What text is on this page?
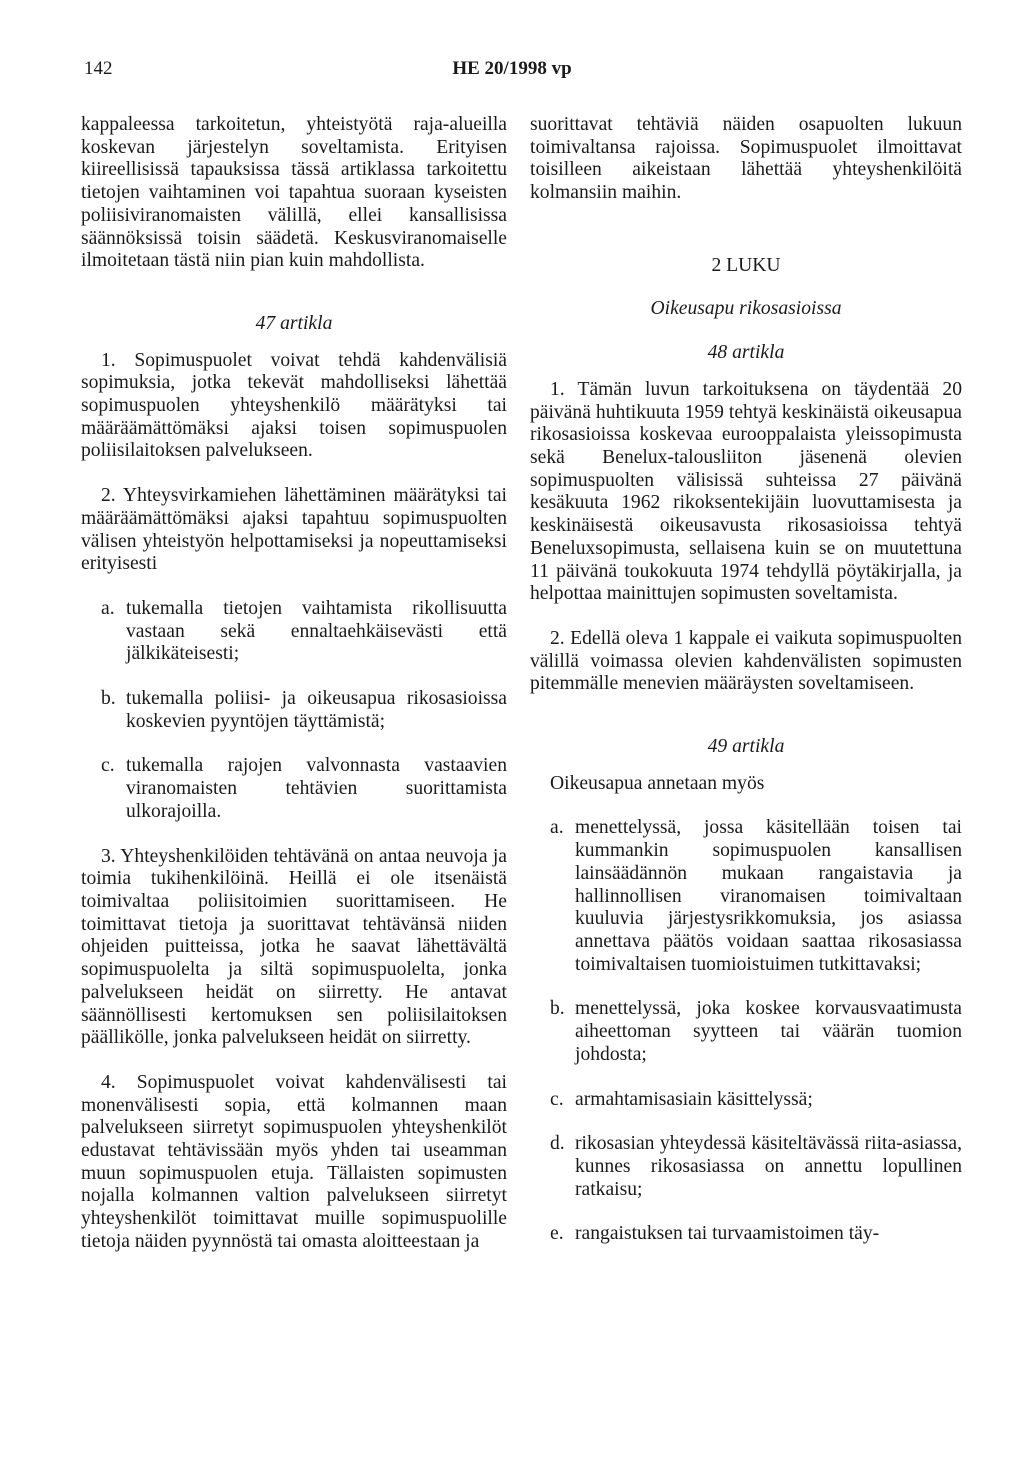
142	HE 20/1998 vp

kappaleessa tarkoitetun, yhteistyötä raja-alueilla koskevan järjestelyn soveltamista. Erityisen kiireellisissä tapauksissa tässä artiklassa tarkoitettu tietojen vaihtaminen voi tapahtua suoraan kyseisten poliisiviranomaisten välillä, ellei kansallisissa säännöksissä toisin säädetä. Keskusviranomaiselle ilmoitetaan tästä niin pian kuin mahdollista.

47 artikla

1. Sopimuspuolet voivat tehdä kahdenvälisiä sopimuksia, jotka tekevät mahdolliseksi lähettää sopimuspuolen yhteyshenkilö määrätyksi tai määräämättömäksi ajaksi toisen sopimuspuolen poliisilaitoksen palvelukseen.

2. Yhteysvirkamiehen lähettäminen määrätyksi tai määräämättömäksi ajaksi tapahtuu sopimuspuolten välisen yhteistyön helpottamiseksi ja nopeuttamiseksi erityisesti

a. tukemalla tietojen vaihtamista rikollisuutta vastaan sekä ennaltaehkäisevästi että jälkikäteisesti;
b. tukemalla poliisi- ja oikeusapua rikosasioissa koskevien pyyntöjen täyttämistä;
c. tukemalla rajojen valvonnasta vastaavien viranomaisten tehtävien suorittamista ulkorajoilla.

3. Yhteyshenkilöiden tehtävänä on antaa neuvoja ja toimia tukihenkilöinä. Heillä ei ole itsenäistä toimivaltaa poliisitoimien suorittamiseen. He toimittavat tietoja ja suorittavat tehtävänsä niiden ohjeiden puitteissa, jotka he saavat lähettävältä sopimuspuolelta ja siltä sopimuspuolelta, jonka palvelukseen heidät on siirretty. He antavat säännöllisesti kertomuksen sen poliisilaitoksen päällikölle, jonka palvelukseen heidät on siirretty.

4. Sopimuspuolet voivat kahdenvälisesti tai monenvälisesti sopia, että kolmannen maan palvelukseen siirretyt sopimuspuolen yhteyshenkilöt edustavat tehtävissään myös yhden tai useamman muun sopimuspuolen etuja. Tällaisten sopimusten nojalla kolmannen valtion palvelukseen siirretyt yhteyshenkilöt toimittavat muille sopimuspuolille tietoja näiden pyynnöstä tai omasta aloitteestaan ja

suorittavat tehtäviä näiden osapuolten lukuun toimivaltansa rajoissa. Sopimuspuolet ilmoittavat toisilleen aikeistaan lähettää yhteyshenkilöitä kolmansiin maihin.

2 LUKU

Oikeusapu rikosasioissa

48 artikla

1. Tämän luvun tarkoituksena on täydentää 20 päivänä huhtikuuta 1959 tehtyä keskinäistä oikeusapua rikosasioissa koskevaa eurooppalaista yleissopimusta sekä Benelux-talousliiton jäsenenä olevien sopimuspuolten välisissä suhteissa 27 päivänä kesäkuuta 1962 rikoksentekijäin luovuttamisesta ja keskinäisestä oikeusavusta rikosasioissa tehtyä Beneluxsopimusta, sellaisena kuin se on muutettuna 11 päivänä toukokuuta 1974 tehdyllä pöytäkirjalla, ja helpottaa mainittujen sopimusten soveltamista.

2. Edellä oleva 1 kappale ei vaikuta sopimuspuolten välillä voimassa olevien kahdenvälisten sopimusten pitemmälle menevien määräysten soveltamiseen.

49 artikla

Oikeusapua annetaan myös

a. menettelyssä, jossa käsitellään toisen tai kummankin sopimuspuolen kansallisen lainsäädännön mukaan rangaistavia ja hallinnollisen viranomaisen toimivaltaan kuuluvia järjestysrikkomuksia, jos asiassa annettava päätös voidaan saattaa rikosasiassa toimivaltaisen tuomioistuimen tutkittavaksi;
b. menettelyssä, joka koskee korvausvaatimusta aiheettoman syytteen tai väärän tuomion johdosta;
c. armahtamisasiain käsittelyssä;
d. rikosasian yhteydessä käsiteltävässä riita-asiassa, kunnes rikosasiassa on annettu lopullinen ratkaisu;
e. rangaistuksen tai turvaamistoimen täy-
